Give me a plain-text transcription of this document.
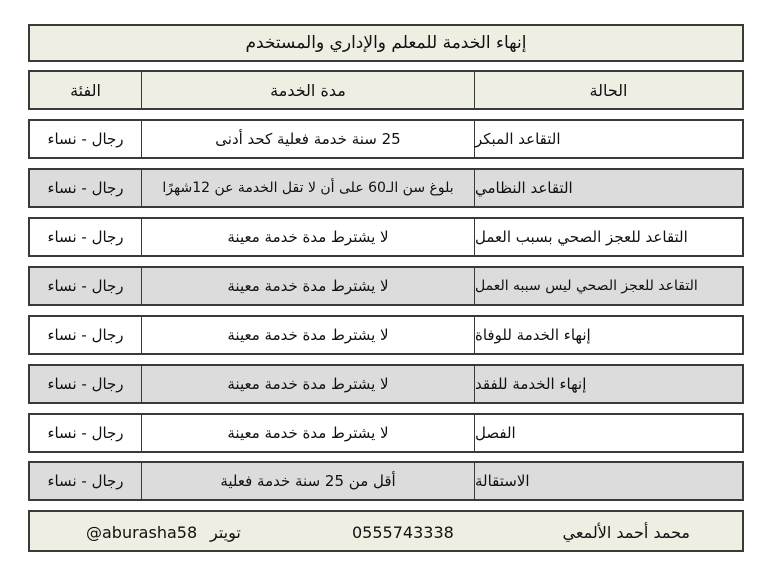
إنهاء الخدمة للمعلم والإداري والمستخدم
الفئة	مدة الخدمة	الحالة
رجال - نساء	25 سنة خدمة فعلية كحد أدنى	التقاعد المبكر
رجال - نساء	بلوغ سن الـ60 على أن لا تقل الخدمة عن 12شهرًا	التقاعد النظامي
رجال - نساء	لا يشترط مدة خدمة معينة	التقاعد للعجز الصحي بسبب العمل
رجال - نساء	لا يشترط مدة خدمة معينة	التقاعد للعجز الصحي ليس سببه العمل
رجال - نساء	لا يشترط مدة خدمة معينة	إنهاء الخدمة للوفاة
رجال - نساء	لا يشترط مدة خدمة معينة	إنهاء الخدمة للفقد
رجال - نساء	لا يشترط مدة خدمة معينة	الفصل
رجال - نساء	أقل من 25 سنة خدمة فعلية	الاستقالة
@aburasha58 تويتر	0555743338	محمد أحمد الألمعي
